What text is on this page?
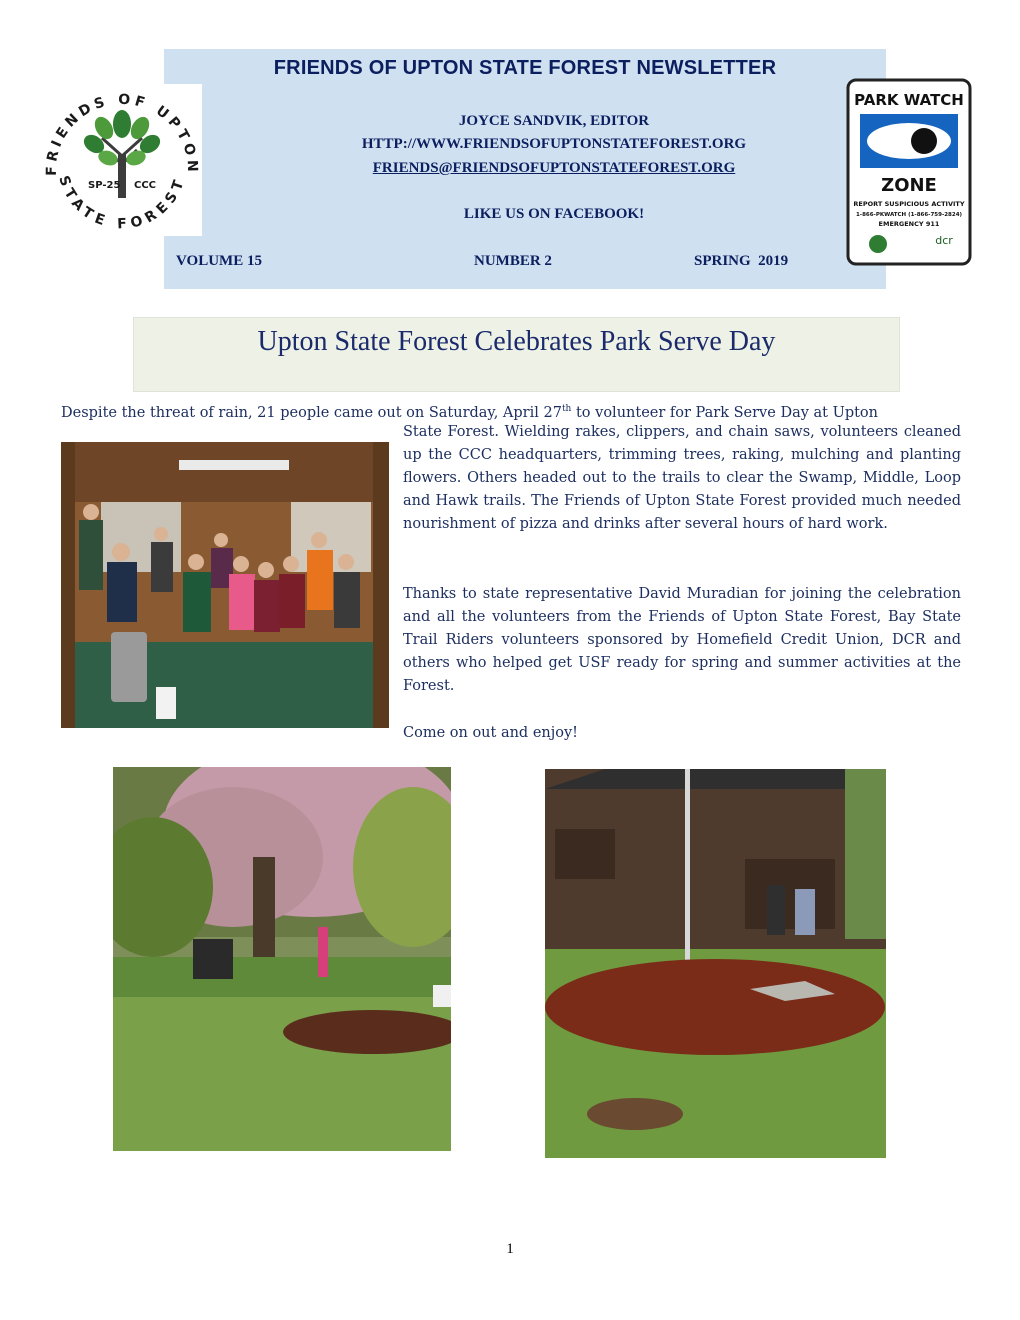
FRIENDS OF UPTON STATE FOREST NEWSLETTER
JOYCE SANDVIK, EDITOR
HTTP://WWW.FRIENDSOFUPTONSTATEFOREST.ORG
FRIENDS@FRIENDSOFUPTONSTATEFOREST.ORG
LIKE US ON FACEBOOK!
VOLUME 15	NUMBER 2	SPRING  2019
FRIENDS OF UPTON
STATE FOREST
SP-25 CCC
PARK WATCH
ZONE
REPORT SUSPICIOUS ACTIVITY
1-866-PKWATCH (1-866-759-2824)
EMERGENCY 911
dcr
Upton State Forest Celebrates Park Serve Day
Despite the threat of rain, 21 people came out on Saturday, April 27th to volunteer for Park Serve Day at Upton
State Forest. Wielding rakes, clippers, and chain saws, volunteers cleaned up the CCC headquarters, trimming trees, raking, mulching and planting flowers. Others headed out to the trails to clear the Swamp, Middle, Loop and Hawk trails. The Friends of Upton State Forest provided much needed nourishment of pizza and drinks after several hours of hard work.
Thanks to state representative David Muradian for joining the celebration and all the volunteers from the Friends of Upton State Forest, Bay State Trail Riders volunteers sponsored by Homefield Credit Union, DCR and others who helped get USF ready for spring and summer activities at the Forest.
Come on out and enjoy!
1
